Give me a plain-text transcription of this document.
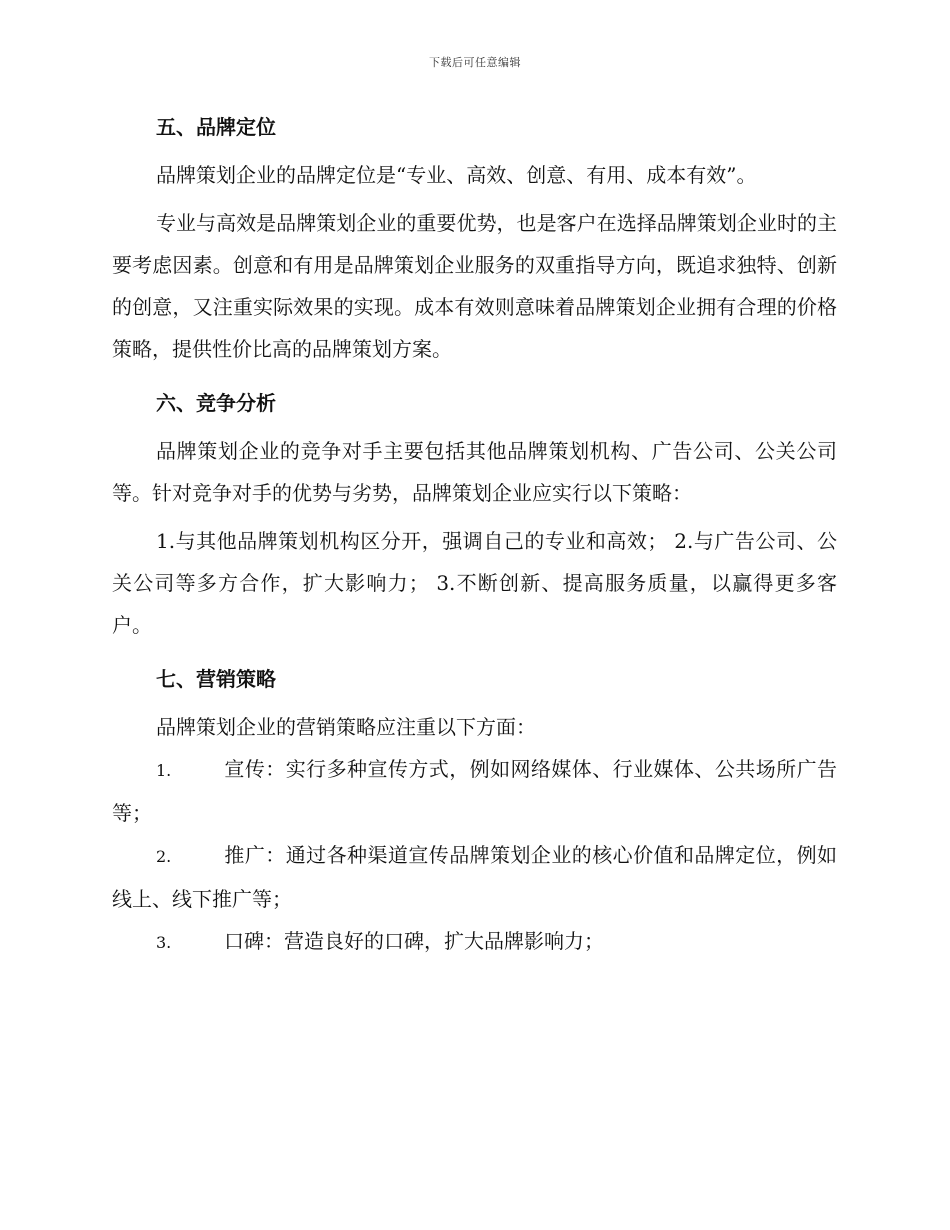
下载后可任意编辑
五、品牌定位

品牌策划企业的品牌定位是“专业、高效、创意、有用、成本有效”。

专业与高效是品牌策划企业的重要优势，也是客户在选择品牌策划企业时的主要考虑因素。创意和有用是品牌策划企业服务的双重指导方向，既追求独特、创新的创意，又注重实际效果的实现。成本有效则意味着品牌策划企业拥有合理的价格策略，提供性价比高的品牌策划方案。

六、竞争分析

品牌策划企业的竞争对手主要包括其他品牌策划机构、广告公司、公关公司等。针对竞争对手的优势与劣势，品牌策划企业应实行以下策略：

1.与其他品牌策划机构区分开，强调自己的专业和高效； 2.与广告公司、公关公司等多方合作，扩大影响力； 3.不断创新、提高服务质量，以赢得更多客户。

七、营销策略

品牌策划企业的营销策略应注重以下方面：

1.	宣传：实行多种宣传方式，例如网络媒体、行业媒体、公共场所广告等；

2.	推广：通过各种渠道宣传品牌策划企业的核心价值和品牌定位，例如线上、线下推广等；

3.	口碑：营造良好的口碑，扩大品牌影响力；
